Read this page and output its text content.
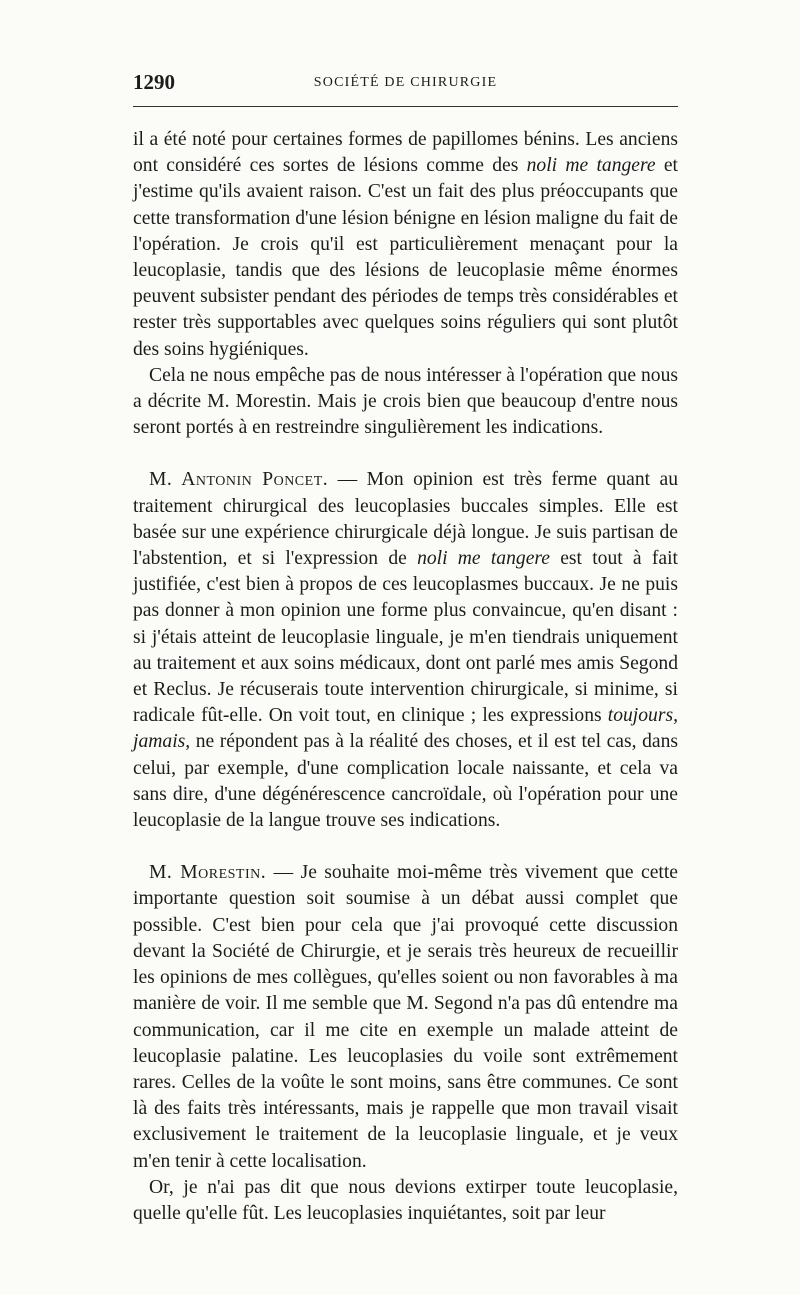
1290	SOCIÉTÉ DE CHIRURGIE

il a été noté pour certaines formes de papillomes bénins. Les anciens ont considéré ces sortes de lésions comme des noli me tangere et j'estime qu'ils avaient raison. C'est un fait des plus préoccupants que cette transformation d'une lésion bénigne en lésion maligne du fait de l'opération. Je crois qu'il est particulièrement menaçant pour la leucoplasie, tandis que des lésions de leucoplasie même énormes peuvent subsister pendant des périodes de temps très considérables et rester très supportables avec quelques soins réguliers qui sont plutôt des soins hygiéniques.

Cela ne nous empêche pas de nous intéresser à l'opération que nous a décrite M. Morestin. Mais je crois bien que beaucoup d'entre nous seront portés à en restreindre singulièrement les indications.

M. Antonin Poncet. — Mon opinion est très ferme quant au traitement chirurgical des leucoplasies buccales simples. Elle est basée sur une expérience chirurgicale déjà longue. Je suis partisan de l'abstention, et si l'expression de noli me tangere est tout à fait justifiée, c'est bien à propos de ces leucoplasmes buccaux. Je ne puis pas donner à mon opinion une forme plus convaincue, qu'en disant : si j'étais atteint de leucoplasie linguale, je m'en tiendrais uniquement au traitement et aux soins médicaux, dont ont parlé mes amis Segond et Reclus. Je récuserais toute intervention chirurgicale, si minime, si radicale fût-elle. On voit tout, en clinique ; les expressions toujours, jamais, ne répondent pas à la réalité des choses, et il est tel cas, dans celui, par exemple, d'une complication locale naissante, et cela va sans dire, d'une dégénérescence cancroïdale, où l'opération pour une leucoplasie de la langue trouve ses indications.

M. Morestin. — Je souhaite moi-même très vivement que cette importante question soit soumise à un débat aussi complet que possible. C'est bien pour cela que j'ai provoqué cette discussion devant la Société de Chirurgie, et je serais très heureux de recueillir les opinions de mes collègues, qu'elles soient ou non favorables à ma manière de voir. Il me semble que M. Segond n'a pas dû entendre ma communication, car il me cite en exemple un malade atteint de leucoplasie palatine. Les leucoplasies du voile sont extrêmement rares. Celles de la voûte le sont moins, sans être communes. Ce sont là des faits très intéressants, mais je rappelle que mon travail visait exclusivement le traitement de la leucoplasie linguale, et je veux m'en tenir à cette localisation.

Or, je n'ai pas dit que nous devions extirper toute leucoplasie, quelle qu'elle fût. Les leucoplasies inquiétantes, soit par leur
